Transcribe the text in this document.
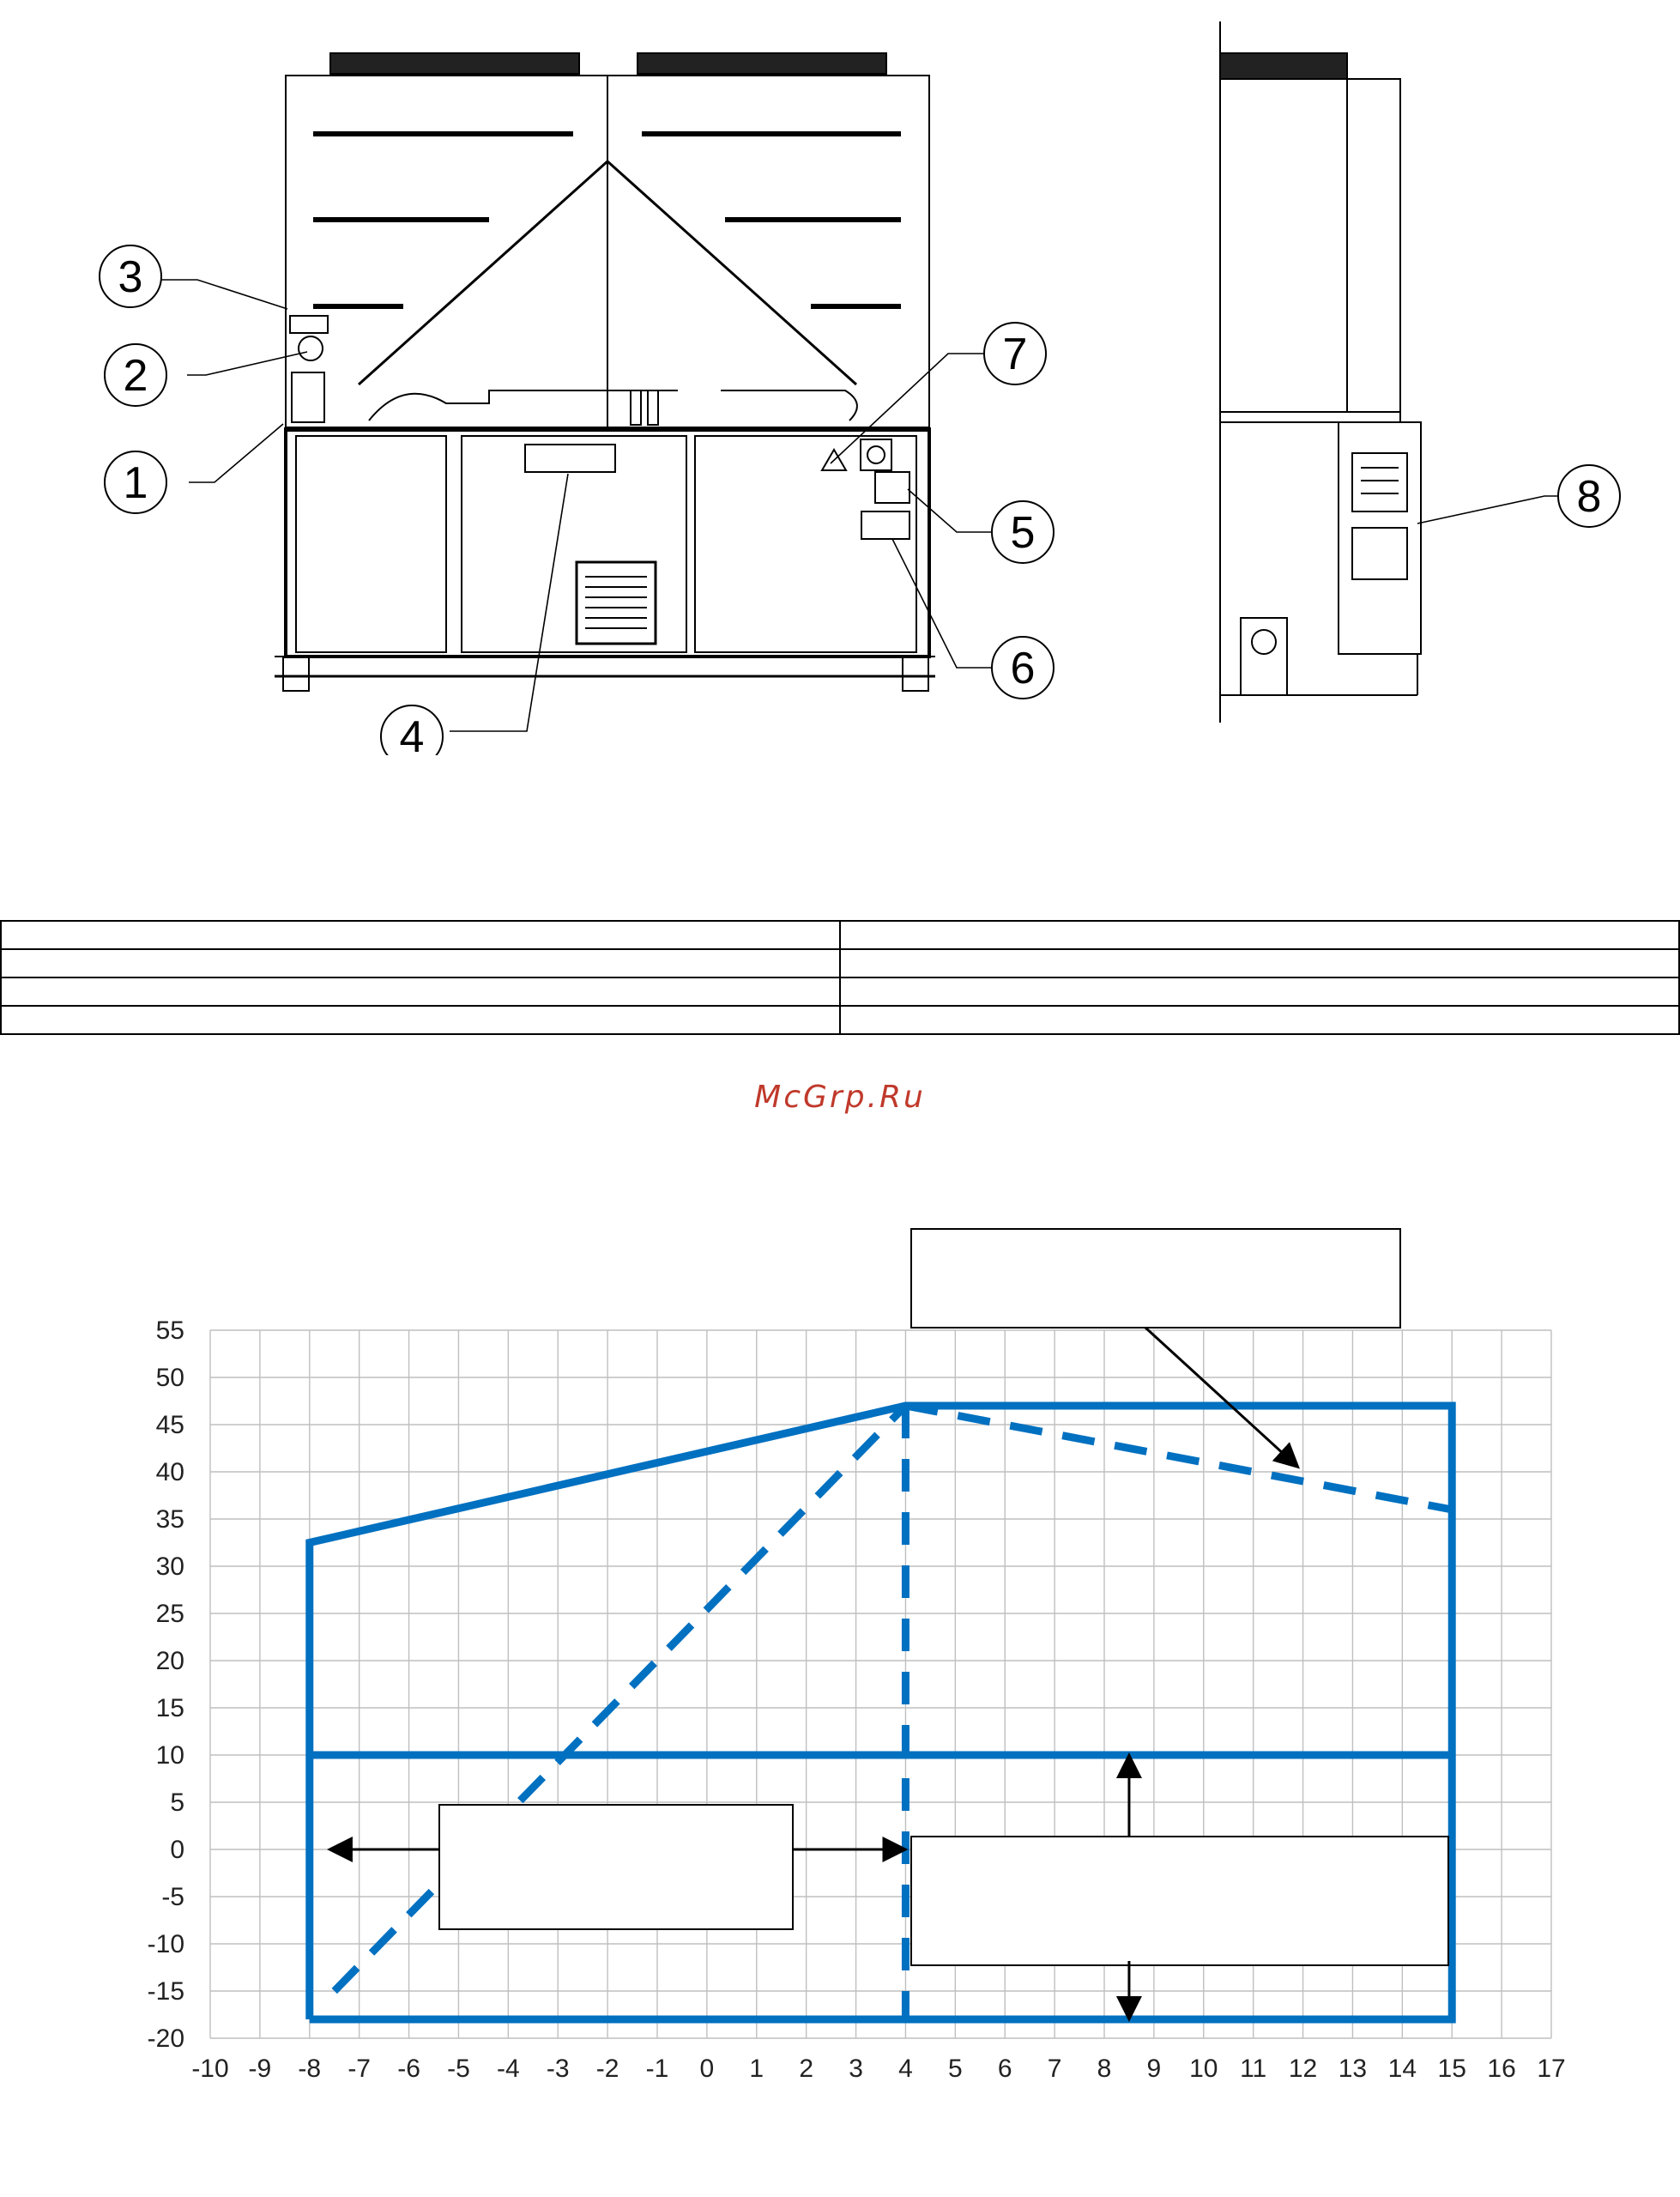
1
2
3
4
5
6
7
8

McGrp.Ru
-10 -9 -8 -7 -6 -5 -4 -3 -2 -1 0 1 2 3 4 5 6 7 8 9 10 11 12 13 14 15 16 17
55
50
45
40
35
30
25
20
15
10
5
0
-5
-10
-15
-20
